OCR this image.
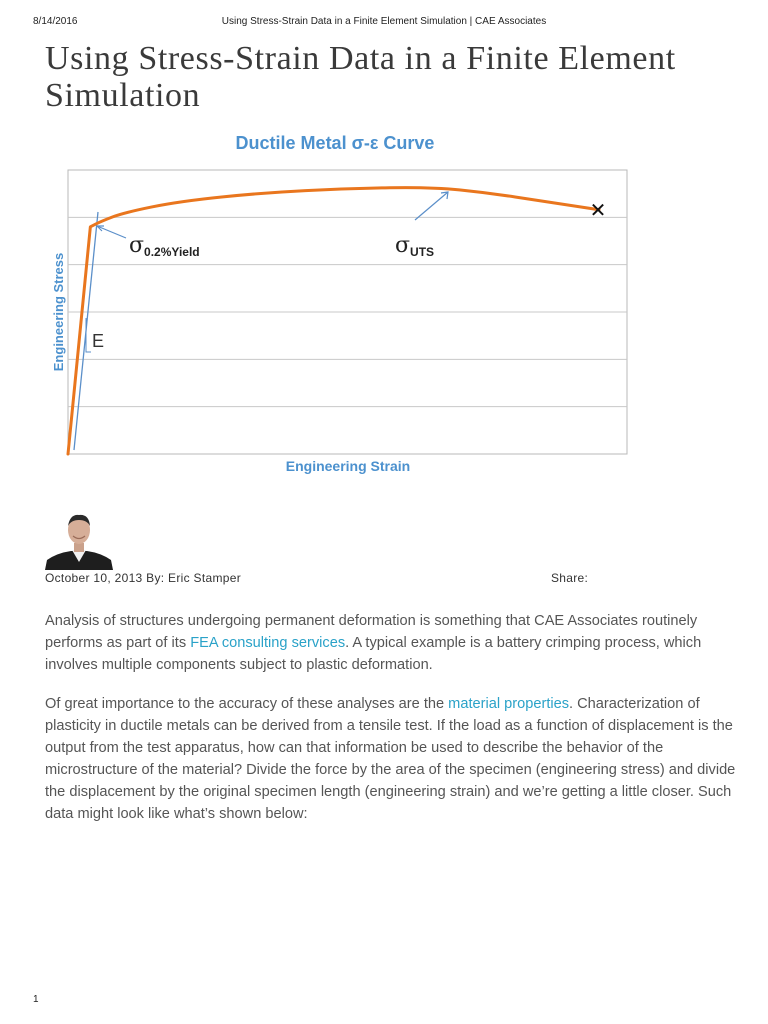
8/14/2016	Using Stress-Strain Data in a Finite Element Simulation | CAE Associates
Using Stress-Strain Data in a Finite Element Simulation
Ductile Metal σ-ε Curve
Engineering Stress
Engineering Strain
E
σ0.2%Yield	σUTS
✕
October 10, 2013 By: Eric Stamper	Share:

Analysis of structures undergoing permanent deformation is something that CAE Associates routinely performs as part of its FEA consulting services. A typical example is a battery crimping process, which involves multiple components subject to plastic deformation.

Of great importance to the accuracy of these analyses are the material properties. Characterization of plasticity in ductile metals can be derived from a tensile test. If the load as a function of displacement is the output from the test apparatus, how can that information be used to describe the behavior of the microstructure of the material? Divide the force by the area of the specimen (engineering stress) and divide the displacement by the original specimen length (engineering strain) and we’re getting a little closer. Such data might look like what’s shown below:

1
